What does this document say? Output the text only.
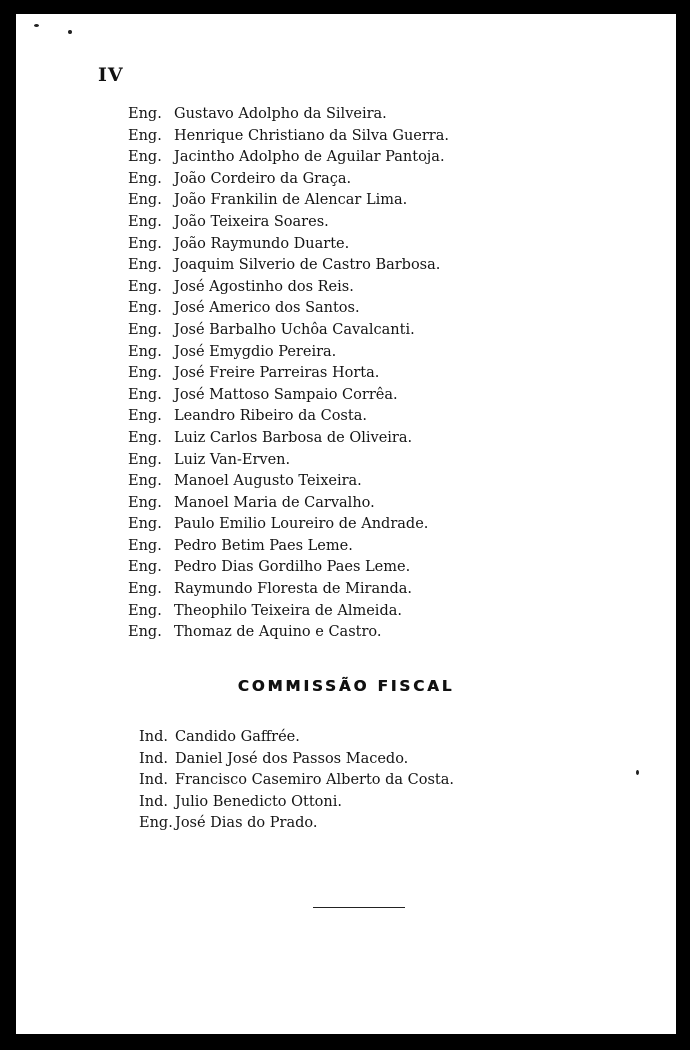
IV
Eng. Gustavo Adolpho da Silveira.
Eng. Henrique Christiano da Silva Guerra.
Eng. Jacintho Adolpho de Aguilar Pantoja.
Eng. João Cordeiro da Graça.
Eng. João Frankilin de Alencar Lima.
Eng. João Teixeira Soares.
Eng. João Raymundo Duarte.
Eng. Joaquim Silverio de Castro Barbosa.
Eng. José Agostinho dos Reis.
Eng. José Americo dos Santos.
Eng. José Barbalho Uchôa Cavalcanti.
Eng. José Emygdio Pereira.
Eng. José Freire Parreiras Horta.
Eng. José Mattoso Sampaio Corrêa.
Eng. Leandro Ribeiro da Costa.
Eng. Luiz Carlos Barbosa de Oliveira.
Eng. Luiz Van-Erven.
Eng. Manoel Augusto Teixeira.
Eng. Manoel Maria de Carvalho.
Eng. Paulo Emilio Loureiro de Andrade.
Eng. Pedro Betim Paes Leme.
Eng. Pedro Dias Gordilho Paes Leme.
Eng. Raymundo Floresta de Miranda.
Eng. Theophilo Teixeira de Almeida.
Eng. Thomaz de Aquino e Castro.
COMMISSÃO FISCAL
Ind. Candido Gaffrée.
Ind. Daniel José dos Passos Macedo.
Ind. Francisco Casemiro Alberto da Costa.
Ind. Julio Benedicto Ottoni.
Eng. José Dias do Prado.
